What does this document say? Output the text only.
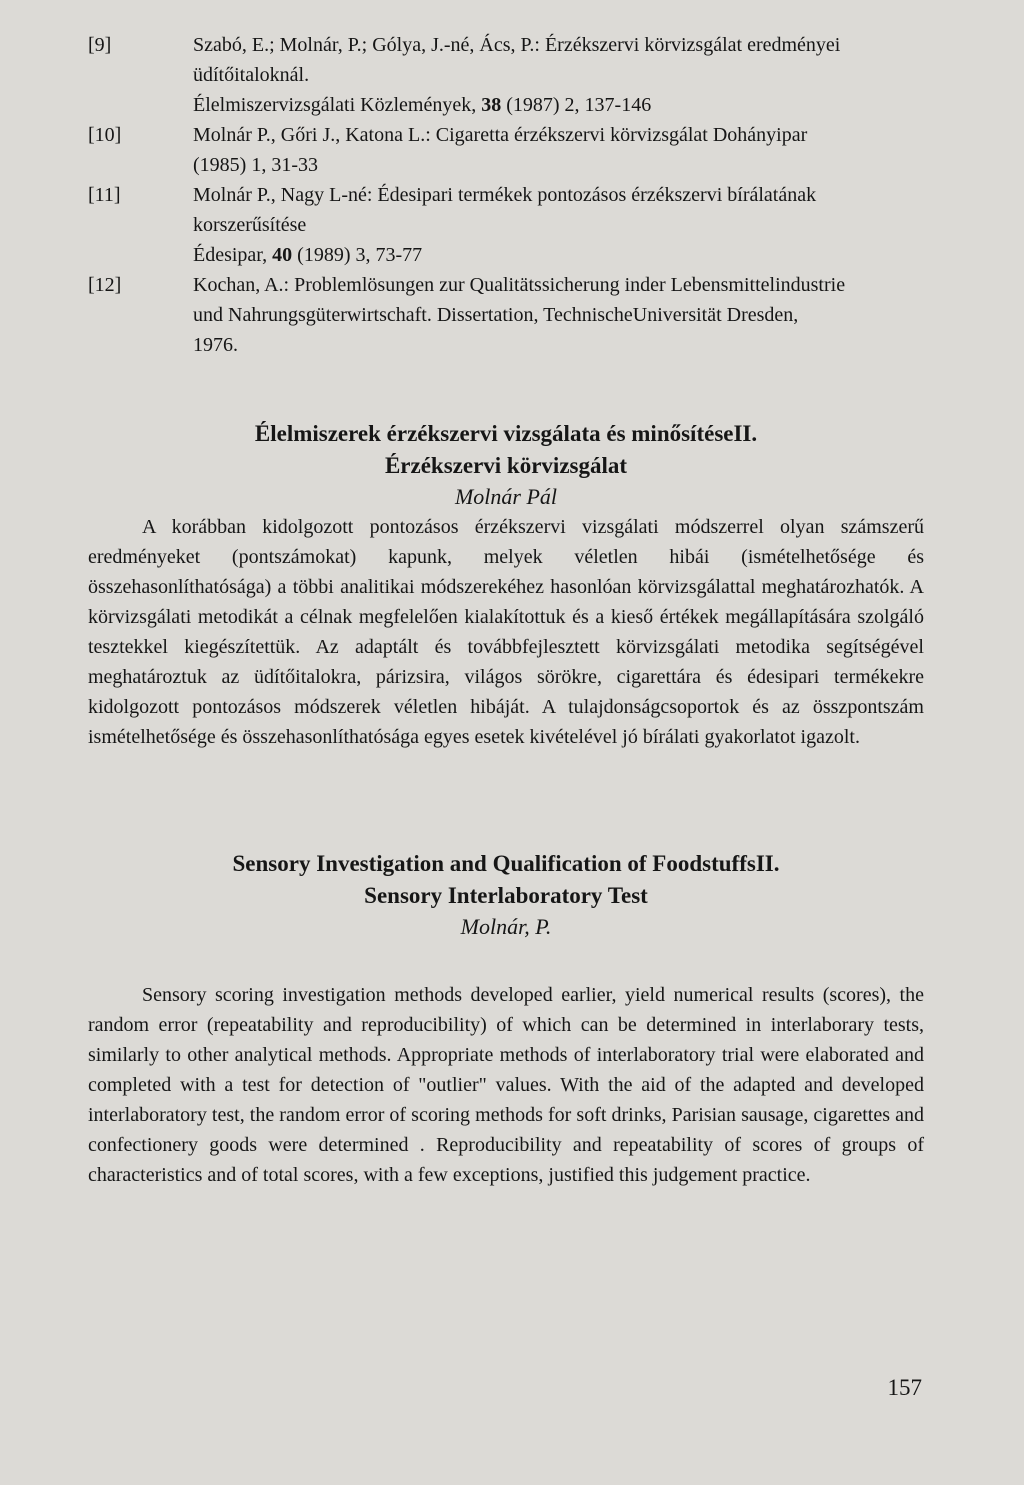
[9]	Szabó, E.; Molnár, P.; Gólya, J.-né, Ács, P.: Érzékszervi körvizsgálat eredményei
üdítőitaloknál.
Élelmiszervizsgálati Közlemények, 38 (1987) 2, 137-146
[10]	Molnár P., Gőri J., Katona L.: Cigaretta érzékszervi körvizsgálat Dohányipar
(1985) 1, 31-33
[11]	Molnár P., Nagy L-né: Édesipari termékek pontozásos érzékszervi bírálatának
korszerűsítése
Édesipar, 40 (1989) 3, 73-77
[12]	Kochan, A.: Problemlösungen zur Qualitätssicherung inder Lebensmittelindustrie
und Nahrungsgüterwirtschaft. Dissertation, TechnischeUniversität Dresden,
1976.

Élelmiszerek érzékszervi vizsgálata és minősítéseII.

Érzékszervi körvizsgálat

Molnár Pál

A korábban kidolgozott pontozásos érzékszervi vizsgálati módszerrel olyan számszerű eredményeket (pontszámokat) kapunk, melyek véletlen hibái (ismételhetősége és összehasonlíthatósága) a többi analitikai módszerekéhez hasonlóan körvizsgálattal meghatározhatók. A körvizsgálati metodikát a célnak megfelelően kialakítottuk és a kieső értékek megállapítására szolgáló tesztekkel kiegészítettük. Az adaptált és továbbfejlesztett körvizsgálati metodika segítségével meghatároztuk az üdítőitalokra, párizsira, világos sörökre, cigarettára és édesipari termékekre kidolgozott pontozásos módszerek véletlen hibáját. A tulajdonságcsoportok és az összpontszám ismételhetősége és összehasonlíthatósága egyes esetek kivételével jó bírálati gyakorlatot igazolt.

Sensory Investigation and Qualification of FoodstuffsII.

Sensory Interlaboratory Test

Molnár, P.

Sensory scoring investigation methods developed earlier, yield numerical results (scores), the random error (repeatability and reproducibility) of which can be determined in interlaborary tests, similarly to other analytical methods. Appropriate methods of interlaboratory trial were elaborated and completed with a test for detection of "outlier" values. With the aid of the adapted and developed interlaboratory test, the random error of scoring methods for soft drinks, Parisian sausage, cigarettes and confectionery goods were determined . Reproducibility and repeatability of scores of groups of characteristics and of total scores, with a few exceptions, justified this judgement practice.

157
